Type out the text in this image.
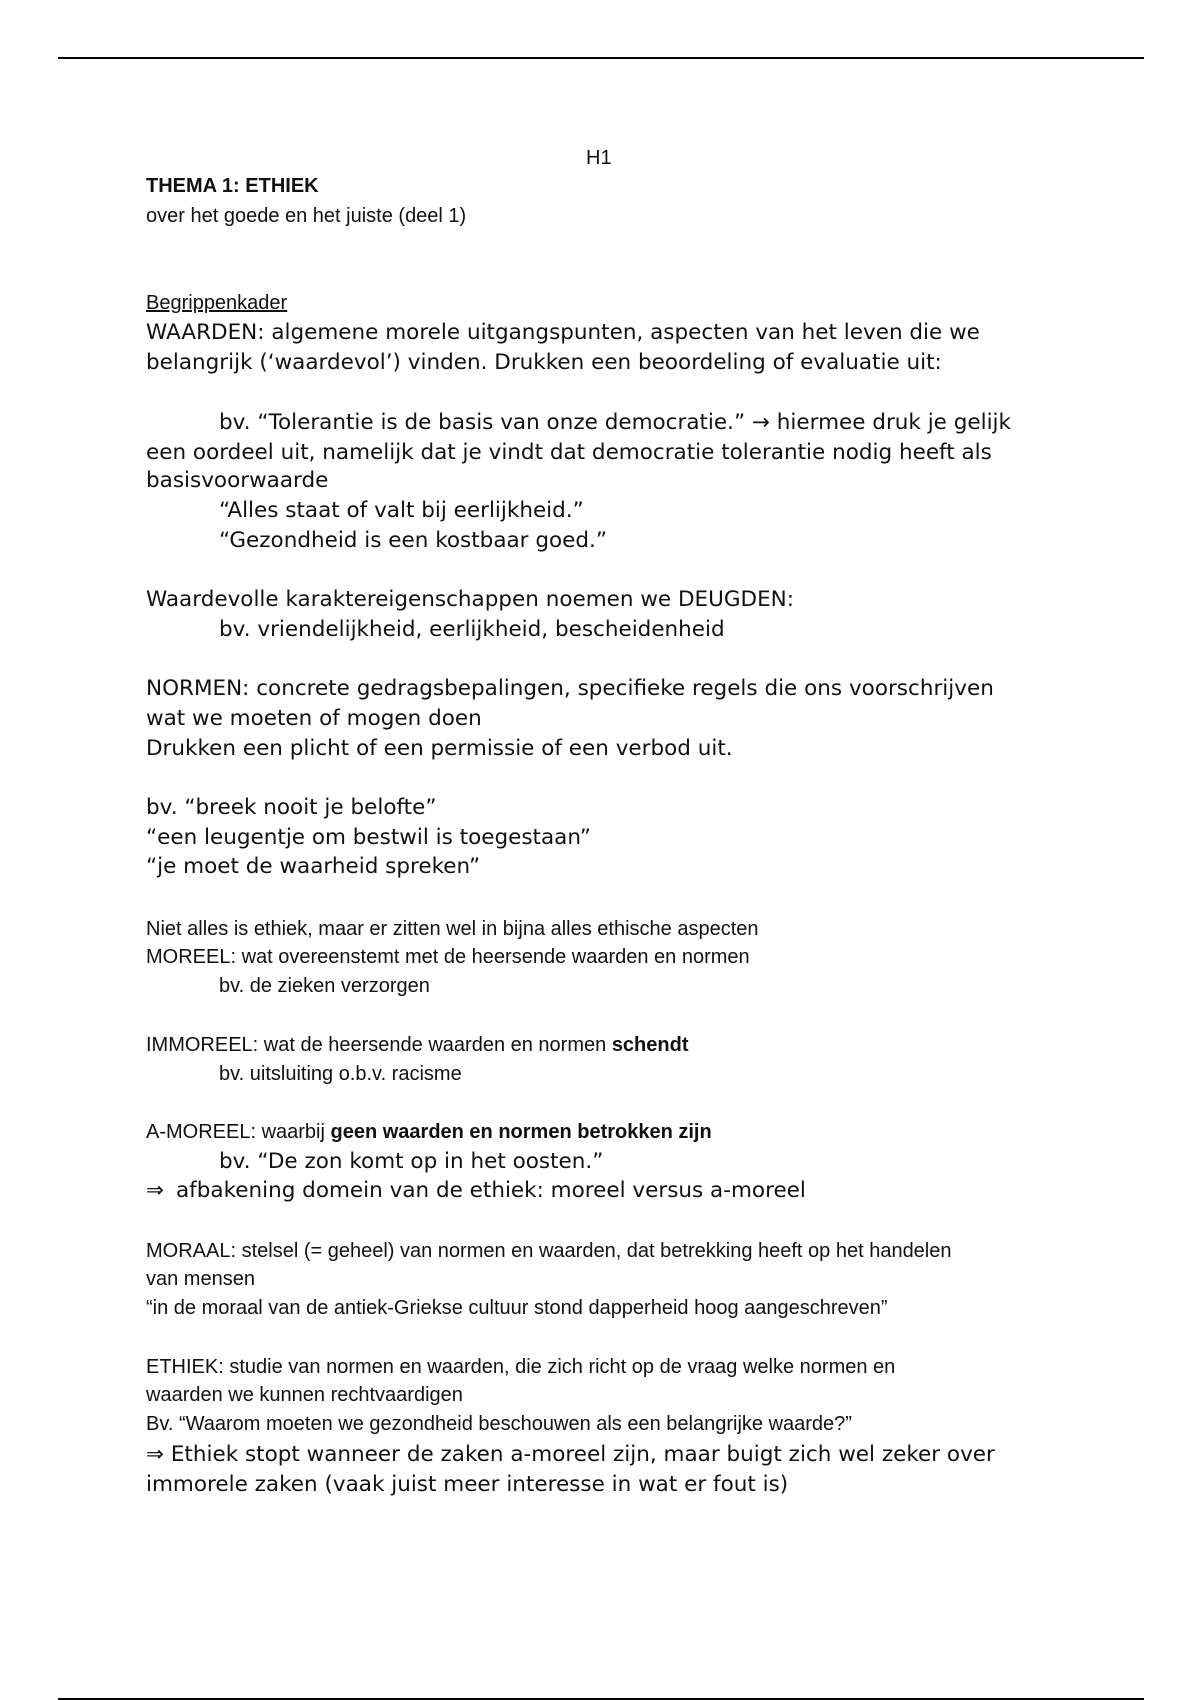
H1
THEMA 1: ETHIEK
over het goede en het juiste (deel 1)
Begrippenkader
WAARDEN: algemene morele uitgangspunten, aspecten van het leven die we
belangrijk (‘waardevol’) vinden. Drukken een beoordeling of evaluatie uit:
bv. “Tolerantie is de basis van onze democratie.” → hiermee druk je gelijk
een oordeel uit, namelijk dat je vindt dat democratie tolerantie nodig heeft als
basisvoorwaarde
“Alles staat of valt bij eerlijkheid.”
“Gezondheid is een kostbaar goed.”
Waardevolle karaktereigenschappen noemen we DEUGDEN:
bv. vriendelijkheid, eerlijkheid, bescheidenheid
NORMEN: concrete gedragsbepalingen, specifieke regels die ons voorschrijven
wat we moeten of mogen doen
Drukken een plicht of een permissie of een verbod uit.
bv. “breek nooit je belofte”
“een leugentje om bestwil is toegestaan”
“je moet de waarheid spreken”
Niet alles is ethiek, maar er zitten wel in bijna alles ethische aspecten
MOREEL: wat overeenstemt met de heersende waarden en normen
bv. de zieken verzorgen
IMMOREEL: wat de heersende waarden en normen schendt
bv. uitsluiting o.b.v. racisme
A-MOREEL: waarbij geen waarden en normen betrokken zijn
bv. “De zon komt op in het oosten.”
⇒ afbakening domein van de ethiek: moreel versus a-moreel
MORAAL: stelsel (= geheel) van normen en waarden, dat betrekking heeft op het handelen
van mensen
“in de moraal van de antiek-Griekse cultuur stond dapperheid hoog aangeschreven”
ETHIEK: studie van normen en waarden, die zich richt op de vraag welke normen en
waarden we kunnen rechtvaardigen
Bv. “Waarom moeten we gezondheid beschouwen als een belangrijke waarde?”
⇒ Ethiek stopt wanneer de zaken a-moreel zijn, maar buigt zich wel zeker over
immorele zaken (vaak juist meer interesse in wat er fout is)
